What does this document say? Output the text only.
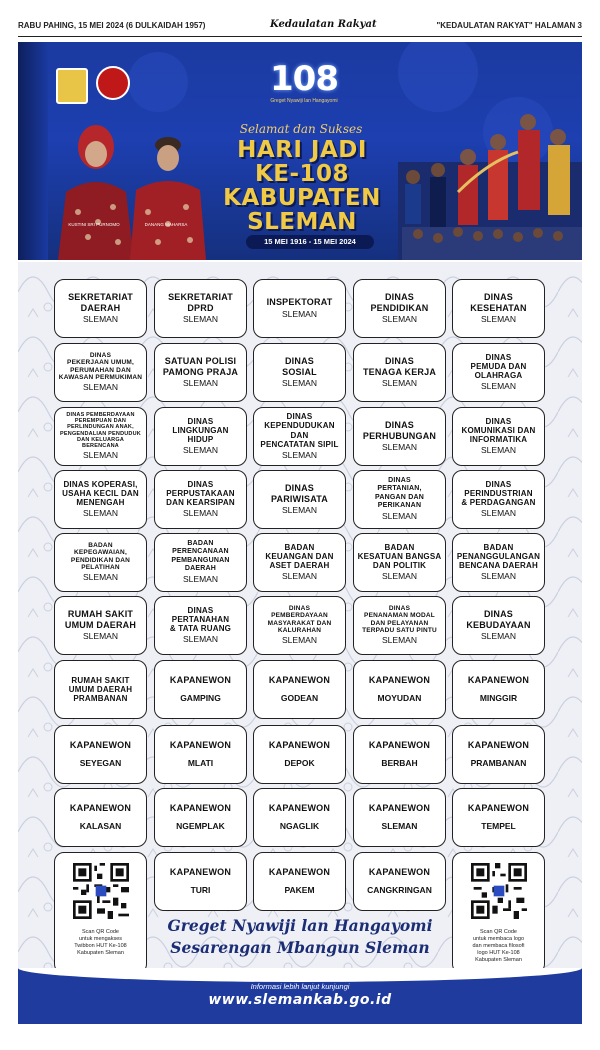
RABU PAHING, 15 MEI 2024 (6 DULKAIDAH 1957)	Kedaulatan Rakyat	"KEDAULATAN RAKYAT" HALAMAN 3
108
Greget Nyawiji lan Hangayomi
Selamat dan Sukses
HARI JADI
KE-108
KABUPATEN
SLEMAN
15 MEI 1916 - 15 MEI 2024
KUSTINI SRI PURNOMO	DANANG MAHARSA
SEKRETARIAT
DAERAH
SLEMAN
SEKRETARIAT
DPRD
SLEMAN
INSPEKTORAT
SLEMAN
DINAS
PENDIDIKAN
SLEMAN
DINAS
KESEHATAN
SLEMAN
DINAS
PEKERJAAN UMUM,
PERUMAHAN DAN
KAWASAN PERMUKIMAN
SLEMAN
SATUAN POLISI
PAMONG PRAJA
SLEMAN
DINAS
SOSIAL
SLEMAN
DINAS
TENAGA KERJA
SLEMAN
DINAS
PEMUDA DAN
OLAHRAGA
SLEMAN
DINAS PEMBERDAYAAN
PEREMPUAN DAN
PERLINDUNGAN ANAK,
PENGENDALIAN PENDUDUK
DAN KELUARGA BERENCANA
SLEMAN
DINAS
LINGKUNGAN
HIDUP
SLEMAN
DINAS
KEPENDUDUKAN DAN
PENCATATAN SIPIL
SLEMAN
DINAS
PERHUBUNGAN
SLEMAN
DINAS
KOMUNIKASI DAN
INFORMATIKA
SLEMAN
DINAS KOPERASI,
USAHA KECIL DAN
MENENGAH
SLEMAN
DINAS
PERPUSTAKAAN
DAN KEARSIPAN
SLEMAN
DINAS
PARIWISATA
SLEMAN
DINAS
PERTANIAN,
PANGAN DAN
PERIKANAN
SLEMAN
DINAS
PERINDUSTRIAN
& PERDAGANGAN
SLEMAN
BADAN
KEPEGAWAIAN,
PENDIDIKAN DAN
PELATIHAN
SLEMAN
BADAN
PERENCANAAN
PEMBANGUNAN
DAERAH
SLEMAN
BADAN
KEUANGAN DAN
ASET DAERAH
SLEMAN
BADAN
KESATUAN BANGSA
DAN POLITIK
SLEMAN
BADAN
PENANGGULANGAN
BENCANA DAERAH
SLEMAN
RUMAH SAKIT
UMUM DAERAH
SLEMAN
DINAS
PERTANAHAN
& TATA RUANG
SLEMAN
DINAS
PEMBERDAYAAN
MASYARAKAT DAN
KALURAHAN
SLEMAN
DINAS
PENANAMAN MODAL
DAN PELAYANAN
TERPADU SATU PINTU
SLEMAN
DINAS
KEBUDAYAAN
SLEMAN
RUMAH SAKIT
UMUM DAERAH
PRAMBANAN
KAPANEWON
GAMPING
KAPANEWON
GODEAN
KAPANEWON
MOYUDAN
KAPANEWON
MINGGIR
KAPANEWON
SEYEGAN
KAPANEWON
MLATI
KAPANEWON
DEPOK
KAPANEWON
BERBAH
KAPANEWON
PRAMBANAN
KAPANEWON
KALASAN
KAPANEWON
NGEMPLAK
KAPANEWON
NGAGLIK
KAPANEWON
SLEMAN
KAPANEWON
TEMPEL
KAPANEWON
TURI
KAPANEWON
PAKEM
KAPANEWON
CANGKRINGAN
Scan QR Code
untuk mengakses
Twibbon HUT Ke-108
Kabupaten Sleman
Scan QR Code
untuk membaca logo
dan membaca filosofi
logo HUT Ke-108
Kabupaten Sleman
Greget Nyawiji lan Hangayomi
Sesarengan Mbangun Sleman
Informasi lebih lanjut kunjungi
www.slemankab.go.id
